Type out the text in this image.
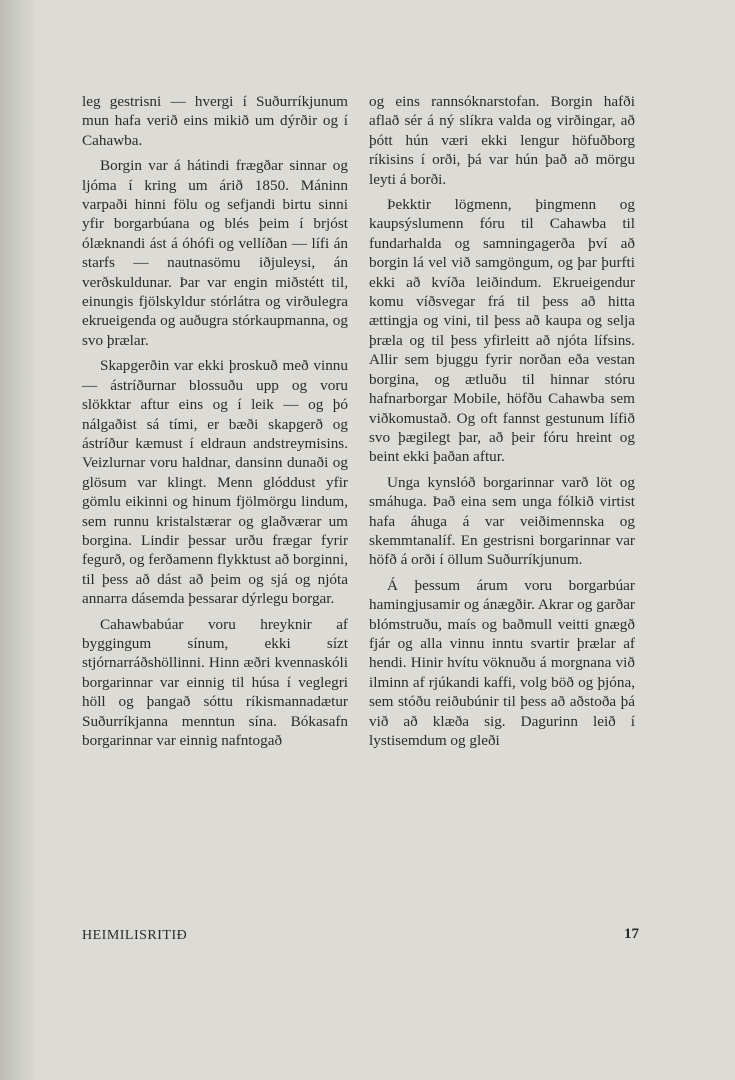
leg gestrisni — hvergi í Suðurríkjunum mun hafa verið eins mikið um dýrðir og í Cahawba.

Borgin var á hátindi frægðar sinnar og ljóma í kring um árið 1850. Máninn varpaði hinni fölu og sefjandi birtu sinni yfir borgarbúana og blés þeim í brjóst ólæknandi ást á óhófi og vellíðan — lífi án starfs — nautnasömu iðjuleysi, án verðskuldunar. Þar var engin miðstétt til, einungis fjölskyldur stórlátra og virðulegra ekrueigenda og auðugra stórkaupmanna, og svo þrælar.

Skapgerðin var ekki þroskuð með vinnu — ástríðurnar blossuðu upp og voru slökktar aftur eins og í leik — og þó nálgaðist sá tími, er bæði skapgerð og ástríður kæmust í eldraun andstreymisins. Veizlurnar voru haldnar, dansinn dunaði og glösum var klingt. Menn glóddust yfir gömlu eikinni og hinum fjölmörgu lindum, sem runnu kristalstærar og glaðværar um borgina. Lindir þessar urðu frægar fyrir fegurð, og ferðamenn flykktust að borginni, til þess að dást að þeim og sjá og njóta annarra dásemda þessarar dýrlegu borgar.

Cahawbabúar voru hreyknir af byggingum sínum, ekki sízt stjórnarráðshöllinni. Hinn æðri kvennaskóli borgarinnar var einnig til húsa í veglegri höll og þangað sóttu ríkismannadætur Suðurríkjanna menntun sína. Bókasafn borgarinnar var einnig nafntogað

og eins rannsóknarstofan. Borgin hafði aflað sér á ný slíkra valda og virðingar, að þótt hún væri ekki lengur höfuðborg ríkisins í orði, þá var hún það að mörgu leyti á borði.

Þekktir lögmenn, þingmenn og kaupsýslumenn fóru til Cahawba til fundarhalda og samningagerða því að borgin lá vel við samgöngum, og þar þurfti ekki að kvíða leiðindum. Ekrueigendur komu víðsvegar frá til þess að hitta ættingja og vini, til þess að kaupa og selja þræla og til þess yfirleitt að njóta lífsins. Allir sem bjuggu fyrir norðan eða vestan borgina, og ætluðu til hinnar stóru hafnarborgar Mobile, höfðu Cahawba sem viðkomustað. Og oft fannst gestunum lífið svo þægilegt þar, að þeir fóru hreint og beint ekki þaðan aftur.

Unga kynslóð borgarinnar varð löt og smáhuga. Það eina sem unga fólkið virtist hafa áhuga á var veiðimennska og skemmtanalíf. En gestrisni borgarinnar var höfð á orði í öllum Suðurríkjunum.

Á þessum árum voru borgarbúar hamingjusamir og ánægðir. Akrar og garðar blómstruðu, maís og baðmull veitti gnægð fjár og alla vinnu inntu svartir þrælar af hendi. Hinir hvítu vöknuðu á morgnana við ilminn af rjúkandi kaffi, volg böð og þjóna, sem stóðu reiðubúnir til þess að aðstoða þá við að klæða sig. Dagurinn leið í lystisemdum og gleði

HEIMILISRITIÐ	17
